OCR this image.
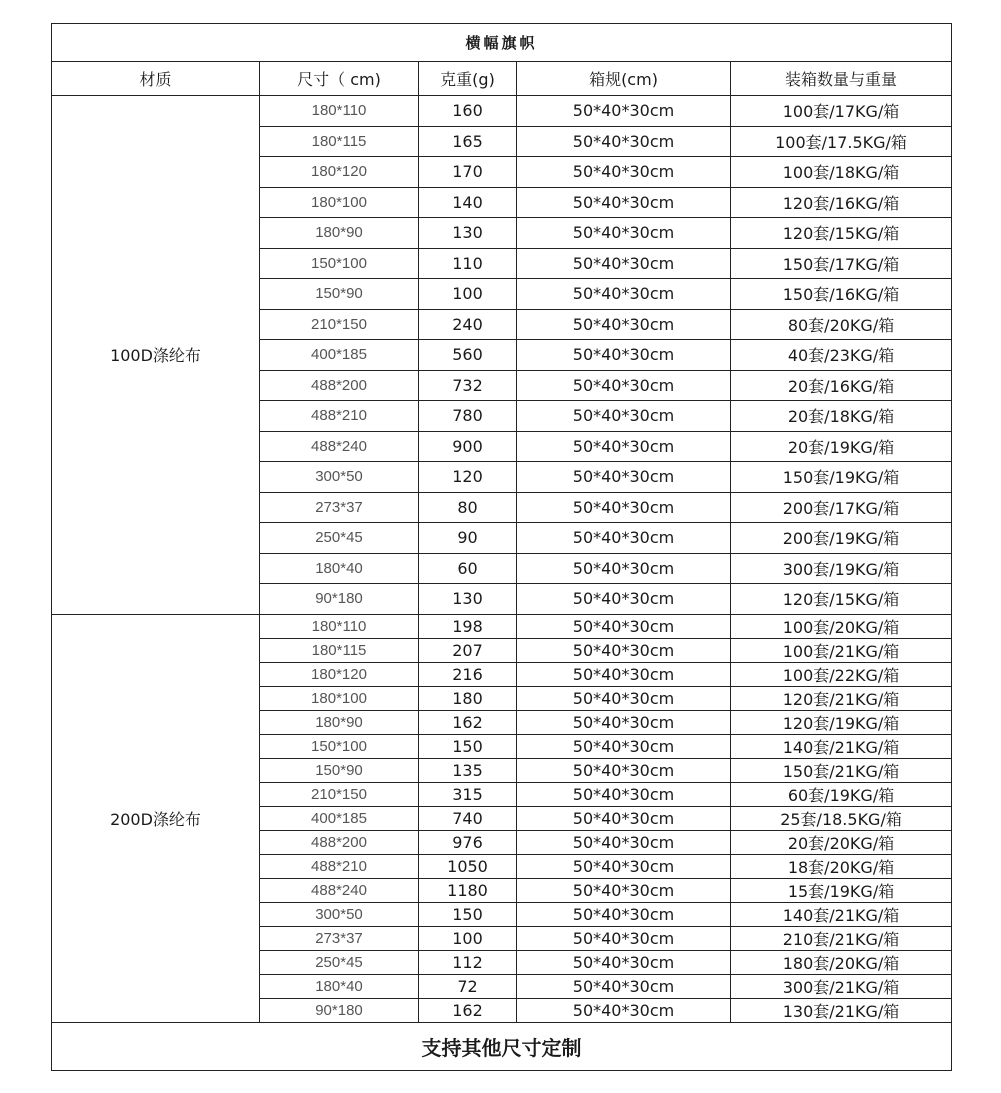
横幅旗帜				
材质	尺寸（ cm)	克重(g)	箱规(cm)	装箱数量与重量
100D涤纶布	180*110	160	50*40*30cm	100套/17KG/箱
	180*115	165	50*40*30cm	100套/17.5KG/箱
	180*120	170	50*40*30cm	100套/18KG/箱
	180*100	140	50*40*30cm	120套/16KG/箱
	180*90	130	50*40*30cm	120套/15KG/箱
	150*100	110	50*40*30cm	150套/17KG/箱
	150*90	100	50*40*30cm	150套/16KG/箱
	210*150	240	50*40*30cm	80套/20KG/箱
	400*185	560	50*40*30cm	40套/23KG/箱
	488*200	732	50*40*30cm	20套/16KG/箱
	488*210	780	50*40*30cm	20套/18KG/箱
	488*240	900	50*40*30cm	20套/19KG/箱
	300*50	120	50*40*30cm	150套/19KG/箱
	273*37	80	50*40*30cm	200套/17KG/箱
	250*45	90	50*40*30cm	200套/19KG/箱
	180*40	60	50*40*30cm	300套/19KG/箱
	90*180	130	50*40*30cm	120套/15KG/箱
200D涤纶布	180*110	198	50*40*30cm	100套/20KG/箱
	180*115	207	50*40*30cm	100套/21KG/箱
	180*120	216	50*40*30cm	100套/22KG/箱
	180*100	180	50*40*30cm	120套/21KG/箱
	180*90	162	50*40*30cm	120套/19KG/箱
	150*100	150	50*40*30cm	140套/21KG/箱
	150*90	135	50*40*30cm	150套/21KG/箱
	210*150	315	50*40*30cm	60套/19KG/箱
	400*185	740	50*40*30cm	25套/18.5KG/箱
	488*200	976	50*40*30cm	20套/20KG/箱
	488*210	1050	50*40*30cm	18套/20KG/箱
	488*240	1180	50*40*30cm	15套/19KG/箱
	300*50	150	50*40*30cm	140套/21KG/箱
	273*37	100	50*40*30cm	210套/21KG/箱
	250*45	112	50*40*30cm	180套/20KG/箱
	180*40	72	50*40*30cm	300套/21KG/箱
	90*180	162	50*40*30cm	130套/21KG/箱
支持其他尺寸定制				
